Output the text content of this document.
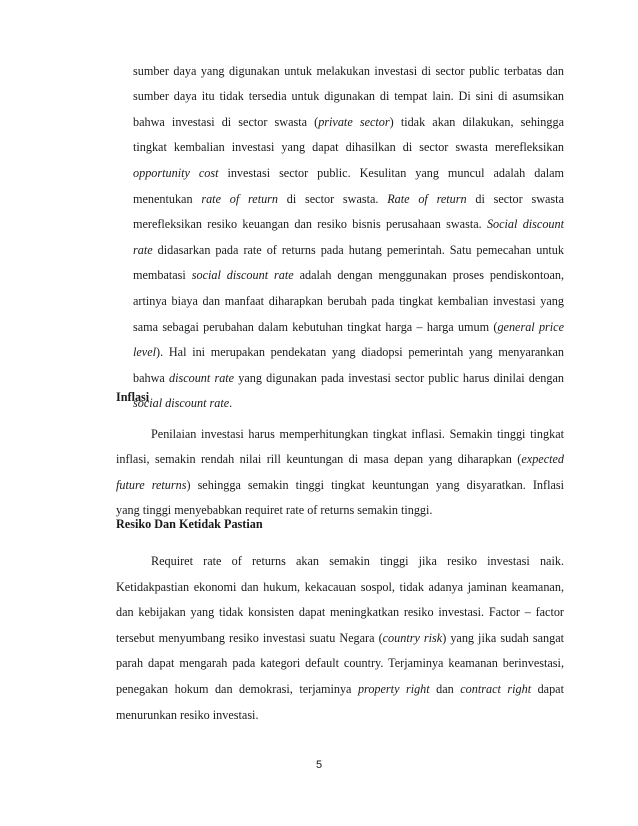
sumber daya yang digunakan untuk melakukan investasi di sector public terbatas dan
sumber daya itu tidak tersedia untuk digunakan di tempat lain. Di sini di asumsikan
bahwa investasi di sector swasta (private sector) tidak akan dilakukan, sehingga
tingkat kembalian investasi yang dapat dihasilkan di sector swasta merefleksikan
opportunity cost investasi sector public. Kesulitan yang muncul adalah dalam
menentukan rate of return di sector swasta. Rate of return di sector swasta
merefleksikan resiko keuangan dan resiko bisnis perusahaan swasta. Social discount
rate didasarkan pada rate of returns pada hutang pemerintah. Satu pemecahan untuk
membatasi social discount rate adalah dengan menggunakan proses pendiskontoan,
artinya biaya dan manfaat diharapkan berubah pada tingkat kembalian investasi yang
sama sebagai perubahan dalam kebutuhan tingkat harga – harga umum (general price
level). Hal ini merupakan pendekatan yang diadopsi pemerintah yang menyarankan
bahwa discount rate yang digunakan pada investasi sector public harus dinilai dengan
social discount rate.
Inflasi
Penilaian investasi harus memperhitungkan tingkat inflasi. Semakin tinggi tingkat
inflasi, semakin rendah nilai rill keuntungan di masa depan yang diharapkan (expected
future returns) sehingga semakin tinggi tingkat keuntungan yang disyaratkan. Inflasi
yang tinggi menyebabkan requiret rate of returns semakin tinggi.
Resiko Dan Ketidak Pastian
Requiret rate of returns akan semakin tinggi jika resiko investasi naik.
Ketidakpastian ekonomi dan hukum, kekacauan sospol, tidak adanya jaminan keamanan,
dan kebijakan yang tidak konsisten dapat meningkatkan resiko investasi. Factor – factor
tersebut menyumbang resiko investasi suatu Negara (country risk) yang jika sudah sangat
parah dapat mengarah pada kategori default country. Terjaminya keamanan berinvestasi,
penegakan hokum dan demokrasi, terjaminya property right dan contract right dapat
menurunkan resiko investasi.
5
